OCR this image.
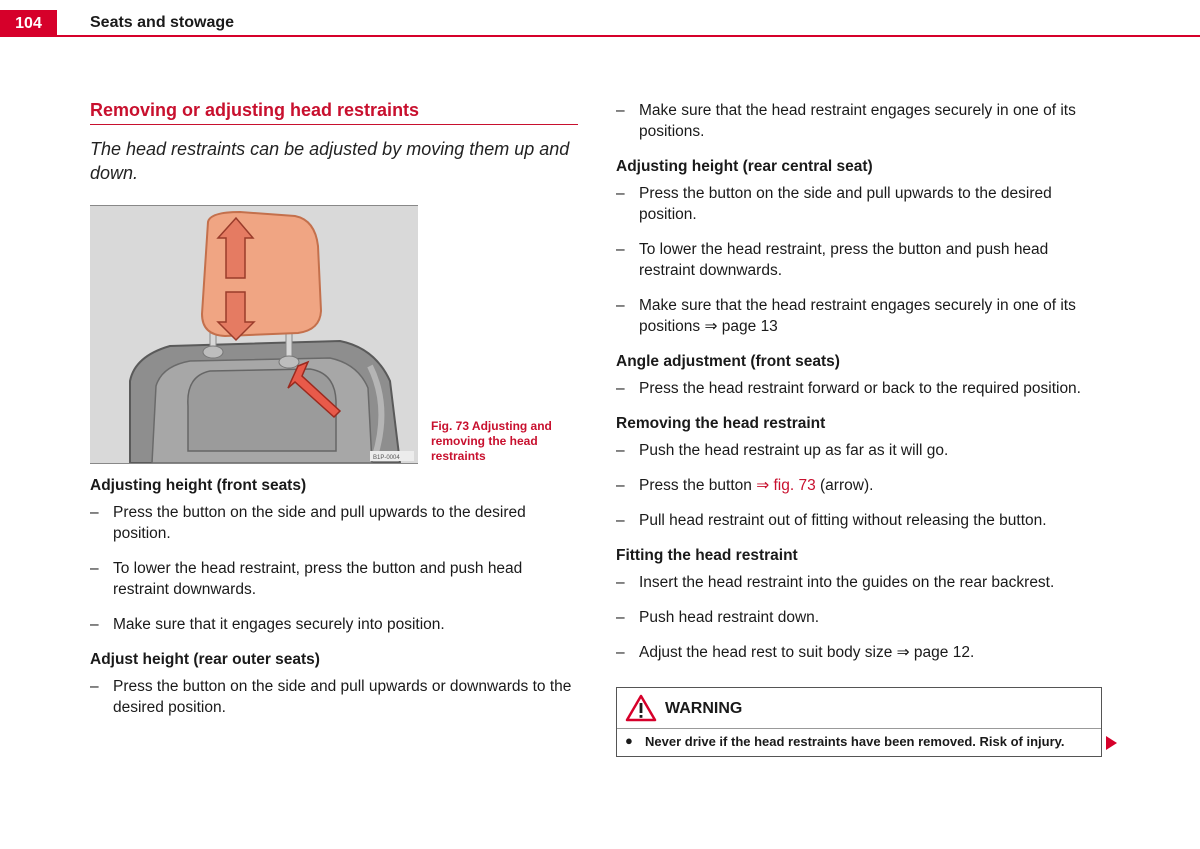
104	Seats and stowage
Removing or adjusting head restraints
The head restraints can be adjusted by moving them up and down.
B1P-0004
Fig. 73 Adjusting and removing the head restraints
Adjusting height (front seats)
– Press the button on the side and pull upwards to the desired position.
– To lower the head restraint, press the button and push head restraint downwards.
– Make sure that it engages securely into position.
Adjust height (rear outer seats)
– Press the button on the side and pull upwards or downwards to the desired position.
– Make sure that the head restraint engages securely in one of its positions.
Adjusting height (rear central seat)
– Press the button on the side and pull upwards to the desired position.
– To lower the head restraint, press the button and push head restraint downwards.
– Make sure that the head restraint engages securely in one of its positions ⇒ page 13
Angle adjustment (front seats)
– Press the head restraint forward or back to the required position.
Removing the head restraint
– Push the head restraint up as far as it will go.
– Press the button ⇒ fig. 73 (arrow).
– Pull head restraint out of fitting without releasing the button.
Fitting the head restraint
– Insert the head restraint into the guides on the rear backrest.
– Push head restraint down.
– Adjust the head rest to suit body size ⇒ page 12.
WARNING
● Never drive if the head restraints have been removed. Risk of injury.
